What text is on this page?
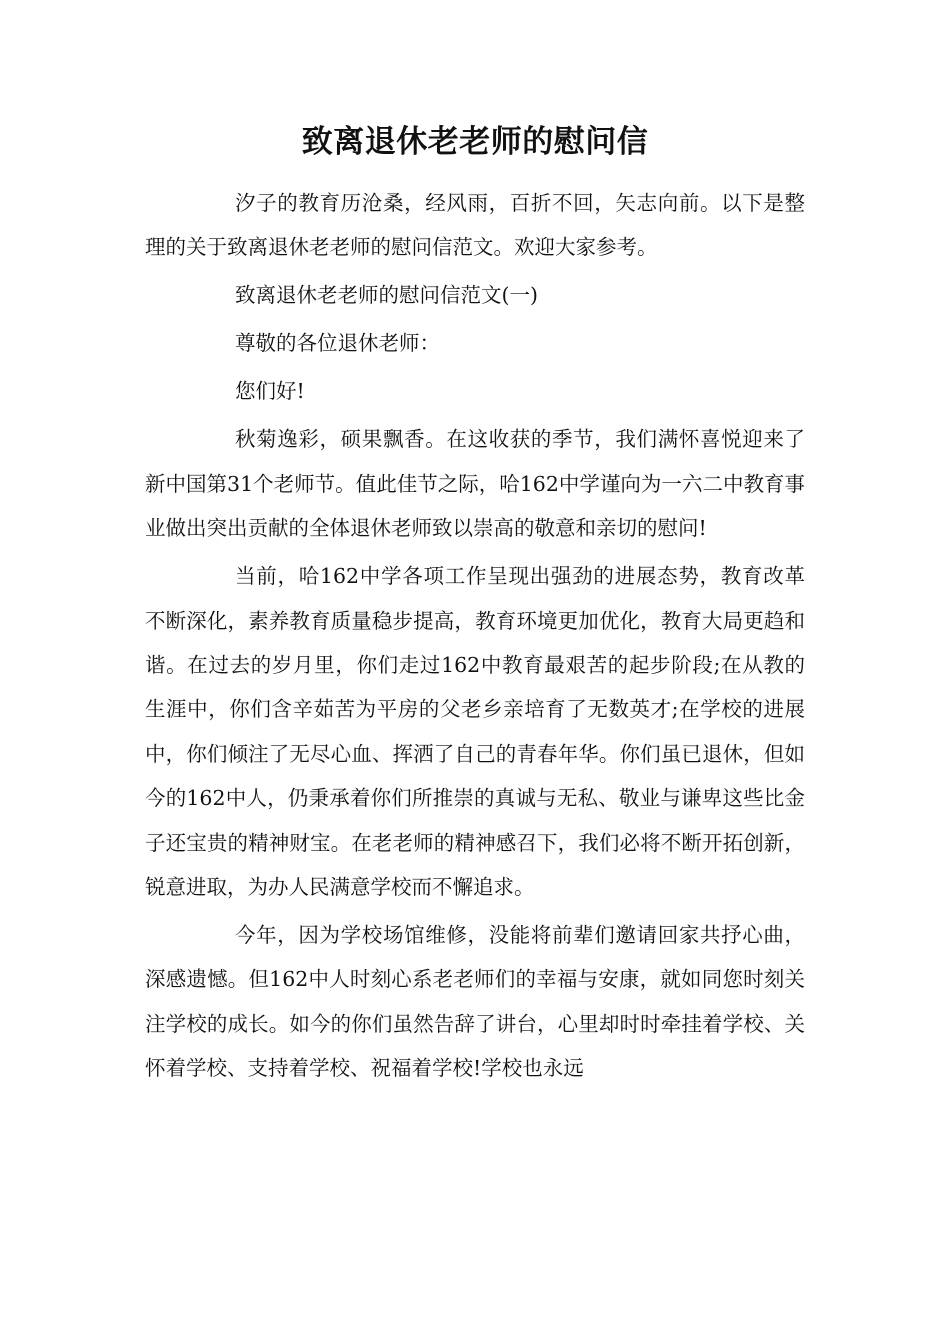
致离退休老老师的慰问信

汐子的教育历沧桑，经风雨，百折不回，矢志向前。以下是整理的关于致离退休老老师的慰问信范文。欢迎大家参考。

致离退休老老师的慰问信范文(一)

尊敬的各位退休老师：

您们好!

秋菊逸彩，硕果飘香。在这收获的季节，我们满怀喜悦迎来了新中国第31个老师节。值此佳节之际，哈162中学谨向为一六二中教育事业做出突出贡献的全体退休老师致以崇高的敬意和亲切的慰问!

当前，哈162中学各项工作呈现出强劲的进展态势，教育改革不断深化，素养教育质量稳步提高，教育环境更加优化，教育大局更趋和谐。在过去的岁月里，你们走过162中教育最艰苦的起步阶段;在从教的生涯中，你们含辛茹苦为平房的父老乡亲培育了无数英才;在学校的进展中，你们倾注了无尽心血、挥洒了自己的青春年华。你们虽已退休，但如今的162中人，仍秉承着你们所推崇的真诚与无私、敬业与谦卑这些比金子还宝贵的精神财宝。在老老师的精神感召下，我们必将不断开拓创新，锐意进取，为办人民满意学校而不懈追求。

今年，因为学校场馆维修，没能将前辈们邀请回家共抒心曲，深感遗憾。但162中人时刻心系老老师们的幸福与安康，就如同您时刻关注学校的成长。如今的你们虽然告辞了讲台，心里却时时牵挂着学校、关怀着学校、支持着学校、祝福着学校!学校也永远
